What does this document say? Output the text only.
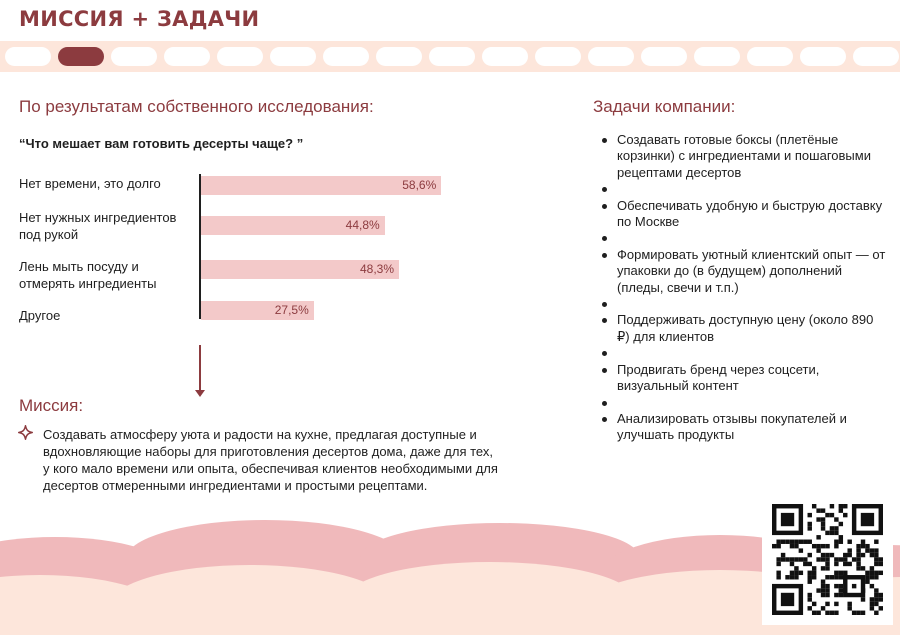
МИССИЯ + ЗАДАЧИ
По результатам собственного исследования:
“Что мешает вам готовить десерты чаще? ”
Нет времени, это долго
Нет нужных ингредиентов под рукой
Лень мыть посуду и отмерять ингредиенты
Другое
58,6%
44,8%
48,3%
27,5%
Миссия:
Создавать атмосферу уюта и радости на кухне, предлагая доступные и вдохновляющие наборы для приготовления десертов дома, даже для тех, у кого мало времени или опыта, обеспечивая клиентов необходимыми для десертов отмеренными ингредиентами и простыми рецептами.
Задачи компании:
Создавать готовые боксы (плетёные корзинки) с ингредиентами и пошаговыми рецептами десертов

Обеспечивать удобную и быструю доставку по Москве

Формировать уютный клиентский опыт — от упаковки до (в будущем) дополнений (пледы, свечи и т.п.)

Поддерживать доступную цену (около 890 ₽) для клиентов

Продвигать бренд через соцсети, визуальный контент

Анализировать отзывы покупателей и улучшать продукты
